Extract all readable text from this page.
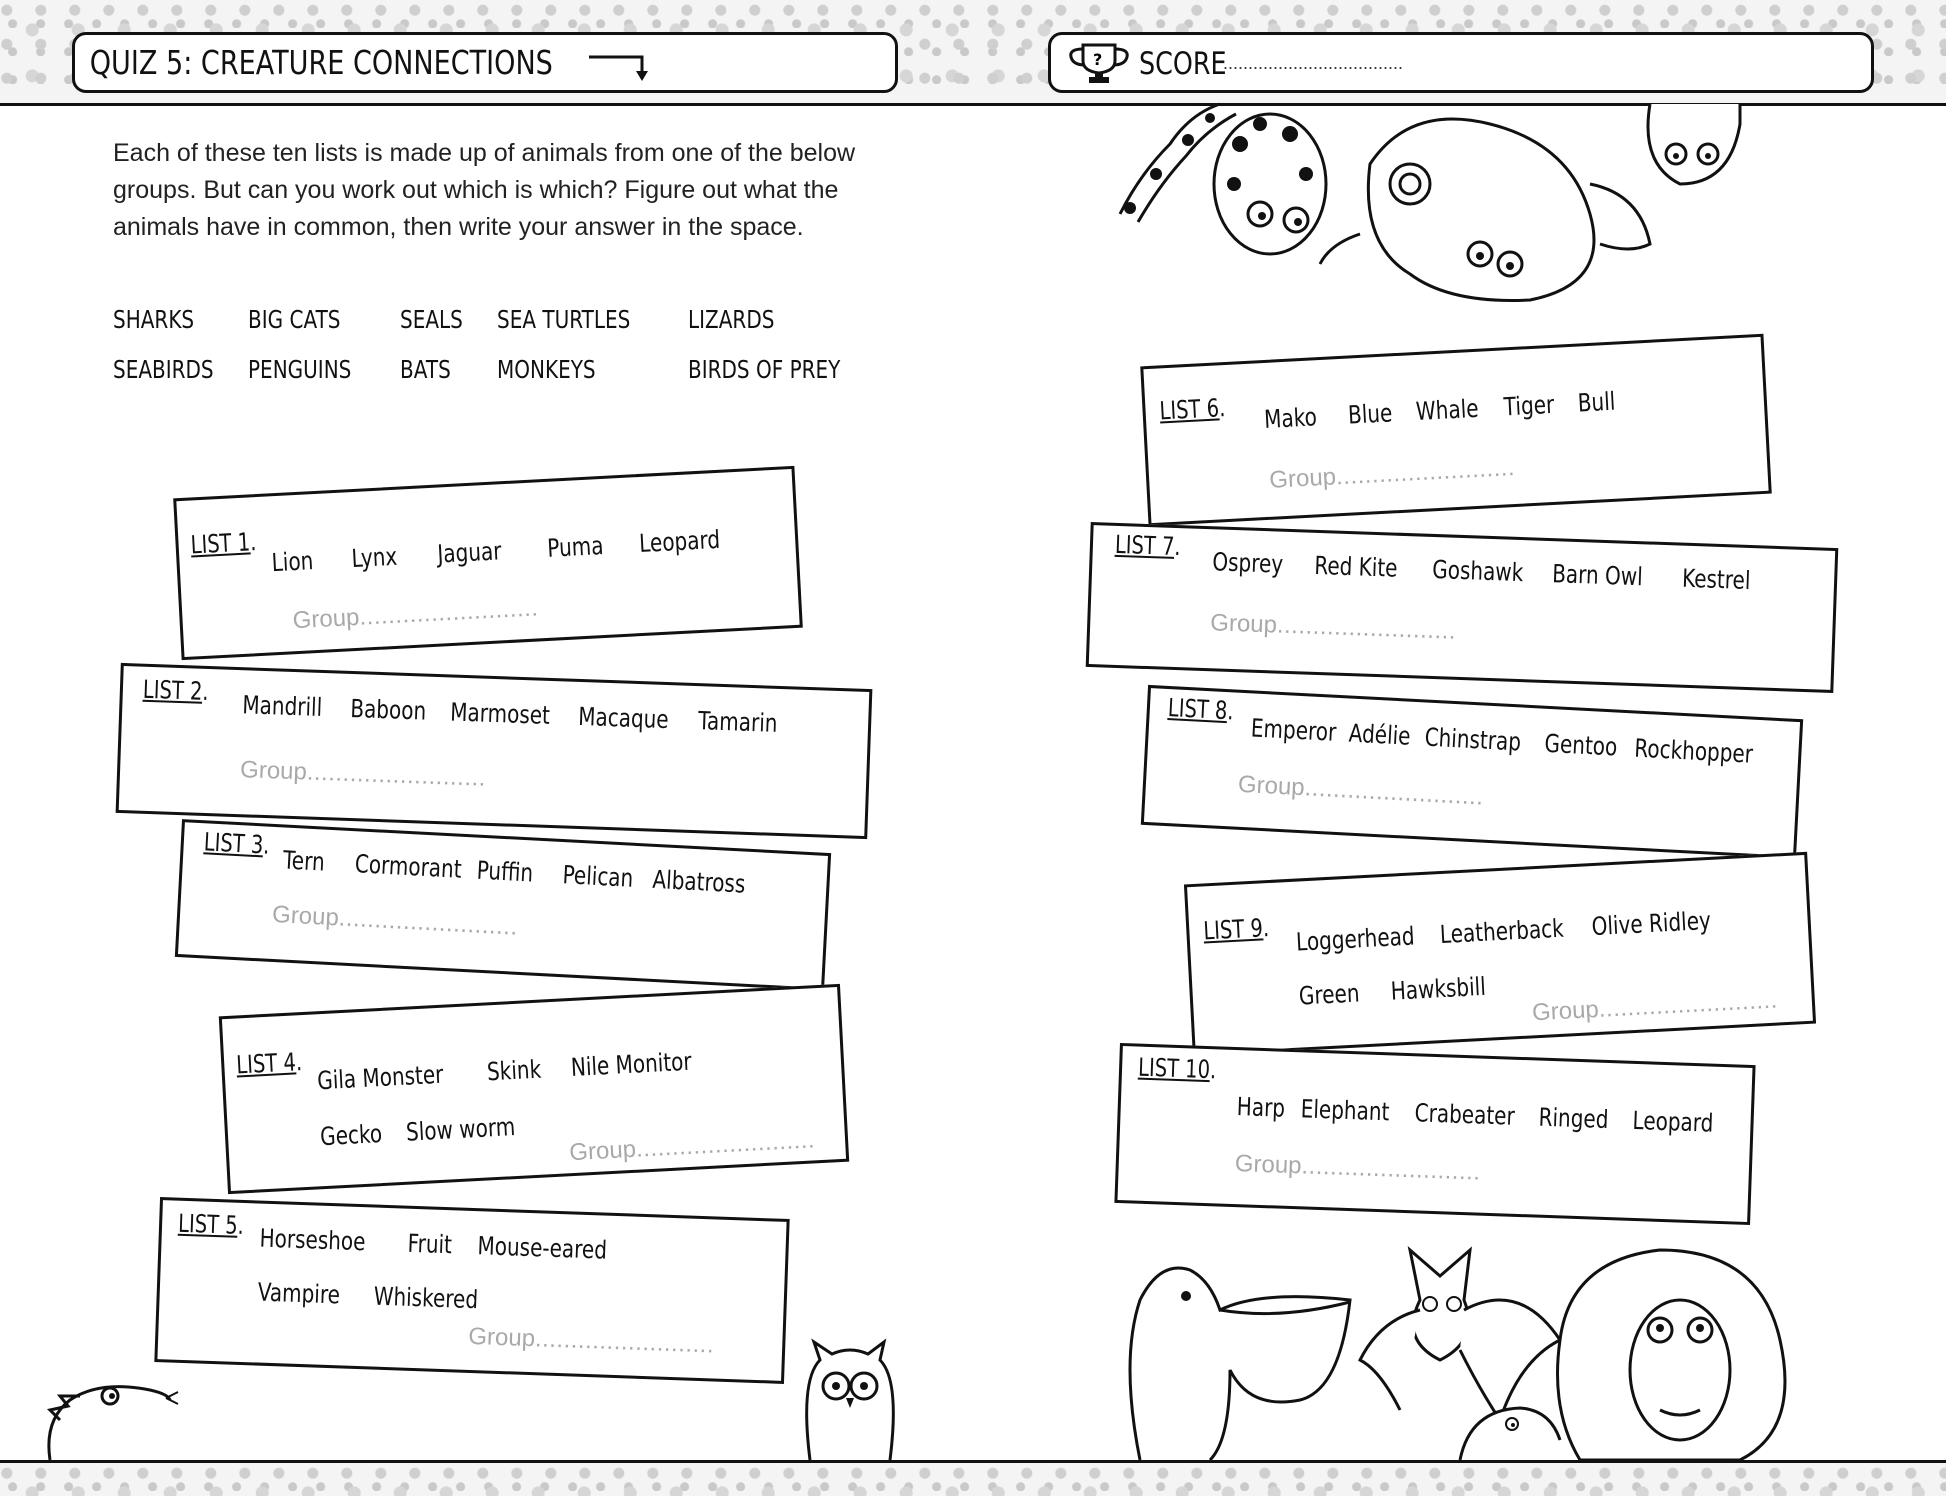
QUIZ 5: CREATURE CONNECTIONS	? SCORE
....................................
Each of these ten lists is made up of animals from one of the below groups. But can you work out which is which? Figure out what the animals have in common, then write your answer in the space.
SHARKS BIG CATS SEALS SEA TURTLES LIZARDS
SEABIRDS PENGUINS BATS MONKEYS	BIRDS OF PREY
LIST 1.
Lion Lynx Jaguar Puma Leopard
Group.........................
LIST 2. Mandrill Baboon Marmoset Macaque Tamarin
Group.........................
LIST 3.
Tern Cormorant Puffin Pelican Albatross
Group.........................
LIST 4. Gila Monster Skink Nile Monitor
Gecko Slow worm
Group.........................
LIST 5. Horseshoe Fruit Mouse-eared
Vampire Whiskered
Group.........................
LIST 6. Mako Blue Whale Tiger Bull
Group.........................
LIST 7.
Osprey Red Kite Goshawk Barn Owl Kestrel
Group.........................
LIST 8.
Emperor Adélie Chinstrap Gentoo Rockhopper
Group.........................
LIST 9. Loggerhead Leatherback Olive Ridley
Green Hawksbill
Group.........................
LIST 10.
Harp Elephant Crabeater Ringed Leopard
Group.........................
